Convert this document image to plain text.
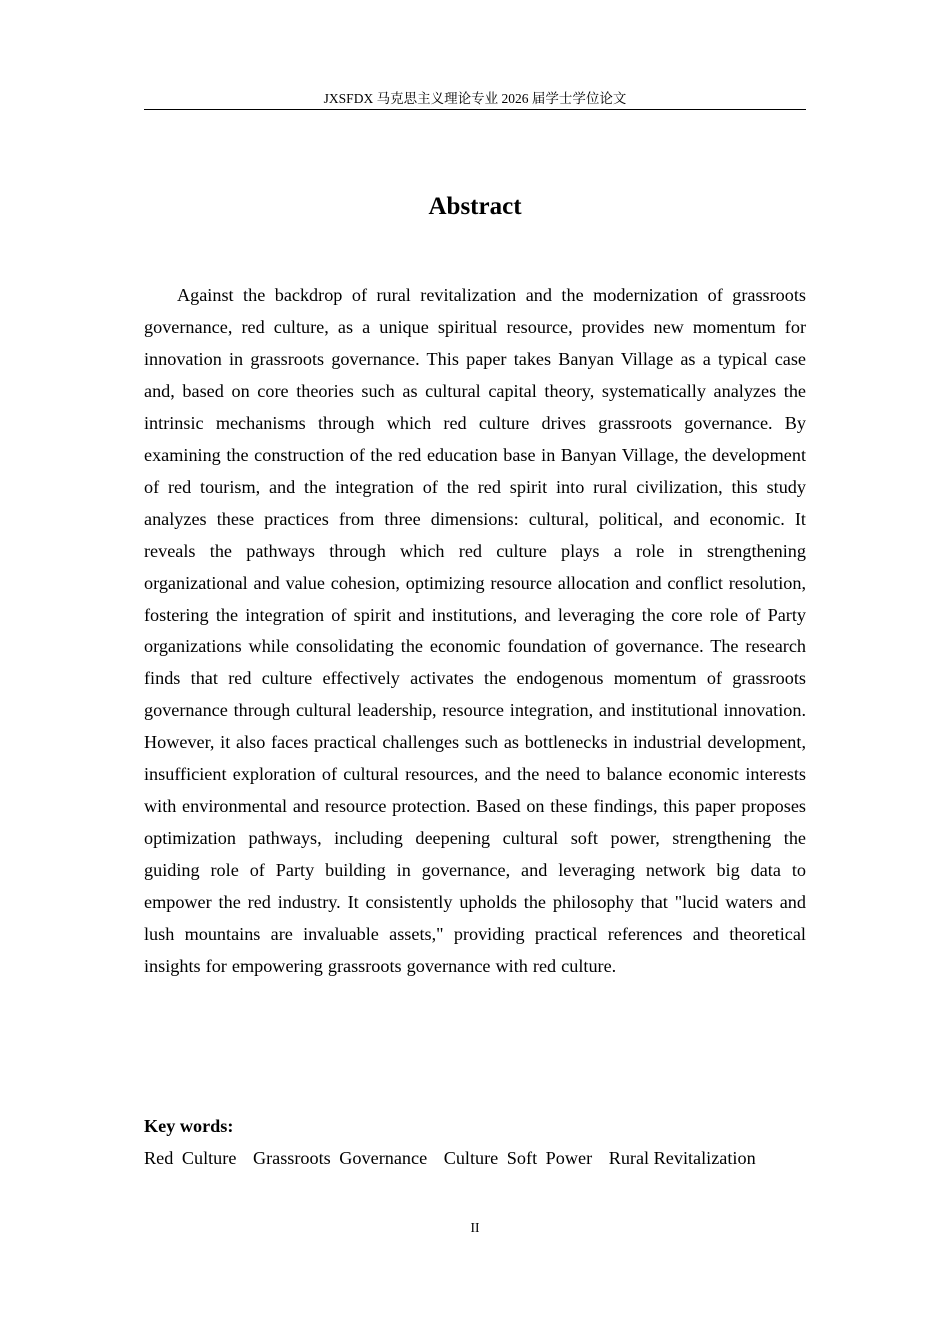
JXSFDX 马克思主义理论专业 2026 届学士学位论文
Abstract

Against the backdrop of rural revitalization and the modernization of grassroots governance, red culture, as a unique spiritual resource, provides new momentum for innovation in grassroots governance. This paper takes Banyan Village as a typical case and, based on core theories such as cultural capital theory, systematically analyzes the intrinsic mechanisms through which red culture drives grassroots governance. By examining the construction of the red education base in Banyan Village, the development of red tourism, and the integration of the red spirit into rural civilization, this study analyzes these practices from three dimensions: cultural, political, and economic. It reveals the pathways through which red culture plays a role in strengthening organizational and value cohesion, optimizing resource allocation and conflict resolution, fostering the integration of spirit and institutions, and leveraging the core role of Party organizations while consolidating the economic foundation of governance. The research finds that red culture effectively activates the endogenous momentum of grassroots governance through cultural leadership, resource integration, and institutional innovation. However, it also faces practical challenges such as bottlenecks in industrial development, insufficient exploration of cultural resources, and the need to balance economic interests with environmental and resource protection. Based on these findings, this paper proposes optimization pathways, including deepening cultural soft power, strengthening the guiding role of Party building in governance, and leveraging network big data to empower the red industry. It consistently upholds the philosophy that "lucid waters and lush mountains are invaluable assets," providing practical references and theoretical insights for empowering grassroots governance with red culture.

Key words:
Red Culture Grassroots Governance Culture Soft Power Rural Revitalization
II
